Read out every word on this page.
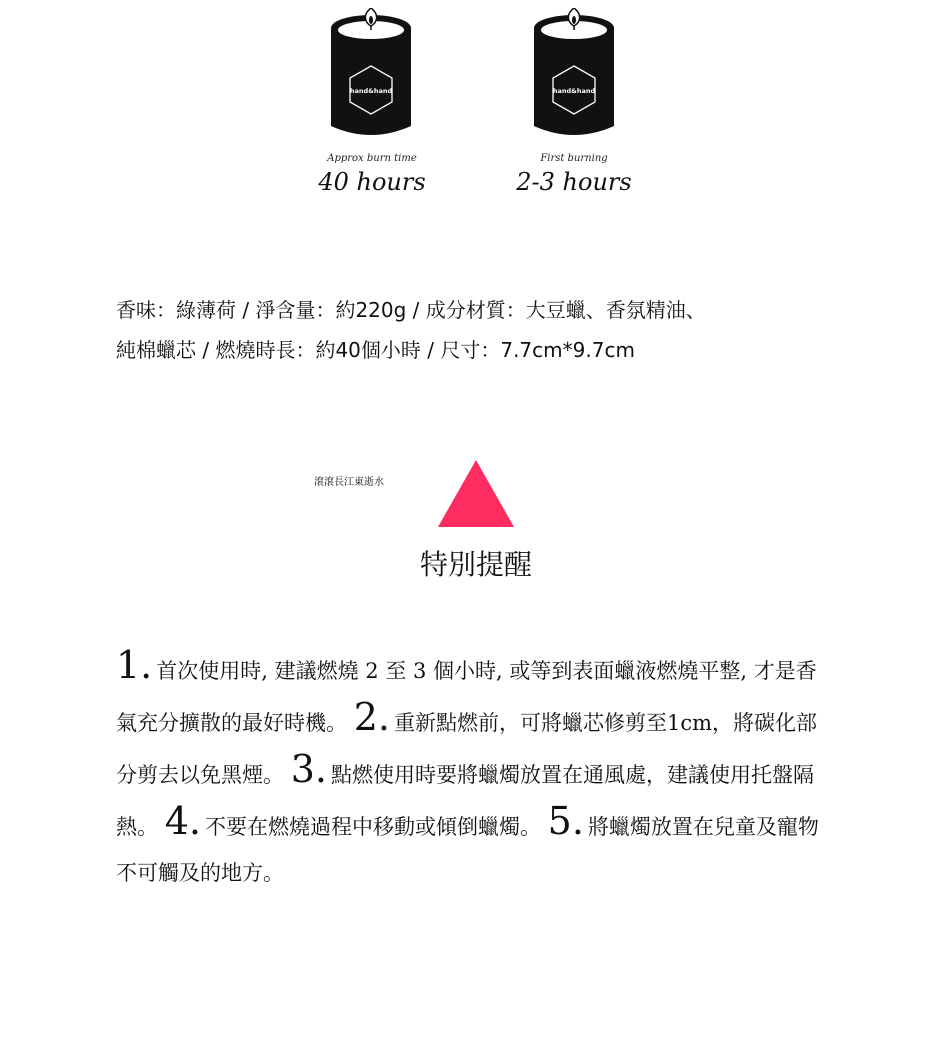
hand&hand	hand&hand
Approx burn time
40 hours
First burning
2-3 hours

香味：綠薄荷 / 淨含量：約220g / 成分材質：大豆蠟、香氛精油、

純棉蠟芯 / 燃燒時長：約40個小時 / 尺寸：7.7cm*9.7cm

滾滾長江東逝水
特別提醒

1. 首次使用時, 建議燃燒 2 至 3 個小時, 或等到表面蠟液燃燒平整, 才是香氣充分擴散的最好時機。 2. 重新點燃前，可將蠟芯修剪至1cm，將碳化部分剪去以免黑煙。 3. 點燃使用時要將蠟燭放置在通風處，建議使用托盤隔熱。 4. 不要在燃燒過程中移動或傾倒蠟燭。 5. 將蠟燭放置在兒童及寵物不可觸及的地方。
